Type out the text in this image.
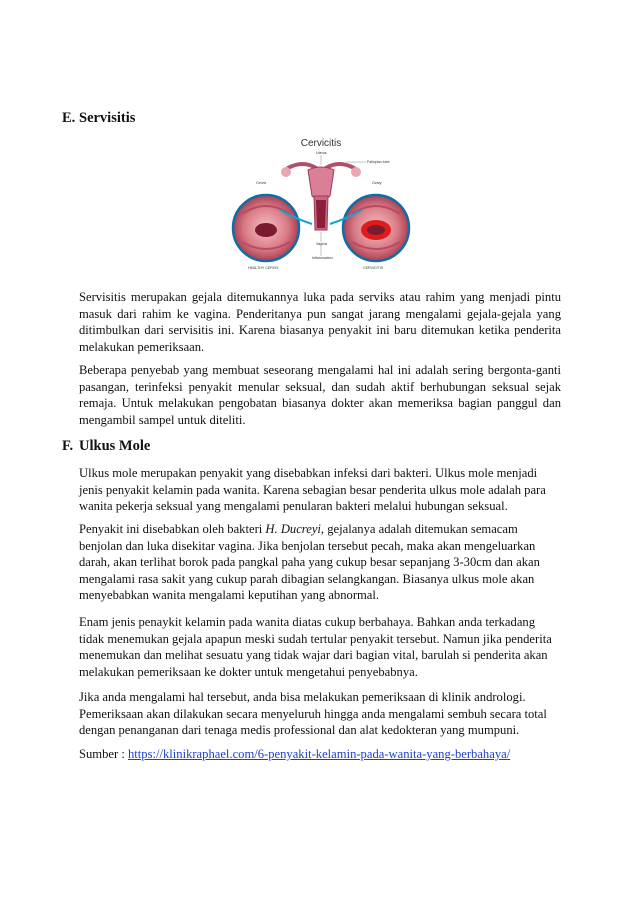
E. Servisitis
Cervicitis
Uterus
Fallopian tube
Cervix	Ovary
Vagina
Inflammation
HEALTHY CERVIX	CERVICITIS

Servisitis merupakan gejala ditemukannya luka pada serviks atau rahim yang menjadi pintu masuk dari rahim ke vagina. Penderitanya pun sangat jarang mengalami gejala-gejala yang ditimbulkan dari servisitis ini. Karena biasanya penyakit ini baru ditemukan ketika penderita melakukan pemeriksaan.

Beberapa penyebab yang membuat seseorang mengalami hal ini adalah sering bergonta-ganti pasangan, terinfeksi penyakit menular seksual, dan sudah aktif berhubungan seksual sejak remaja. Untuk melakukan pengobatan biasanya dokter akan memeriksa bagian panggul dan mengambil sampel untuk diteliti.

F. Ulkus Mole

Ulkus mole merupakan penyakit yang disebabkan infeksi dari bakteri. Ulkus mole menjadi jenis penyakit kelamin pada wanita. Karena sebagian besar penderita ulkus mole adalah para wanita pekerja seksual yang mengalami penularan bakteri melalui hubungan seksual.

Penyakit ini disebabkan oleh bakteri H. Ducreyi, gejalanya adalah ditemukan semacam benjolan dan luka disekitar vagina. Jika benjolan tersebut pecah, maka akan mengeluarkan darah, akan terlihat borok pada pangkal paha yang cukup besar sepanjang 3-30cm dan akan mengalami rasa sakit yang cukup parah dibagian selangkangan. Biasanya ulkus mole akan menyebabkan wanita mengalami keputihan yang abnormal.

Enam jenis penaykit kelamin pada wanita diatas cukup berbahaya. Bahkan anda terkadang tidak menemukan gejala apapun meski sudah tertular penyakit tersebut. Namun jika penderita menemukan dan melihat sesuatu yang tidak wajar dari bagian vital, barulah si penderita akan melakukan pemeriksaan ke dokter untuk mengetahui penyebabnya.

Jika anda mengalami hal tersebut, anda bisa melakukan pemeriksaan di klinik andrologi. Pemeriksaan akan dilakukan secara menyeluruh hingga anda mengalami sembuh secara total dengan penanganan dari tenaga medis professional dan alat kedokteran yang mumpuni.

Sumber : https://klinikraphael.com/6-penyakit-kelamin-pada-wanita-yang-berbahaya/
